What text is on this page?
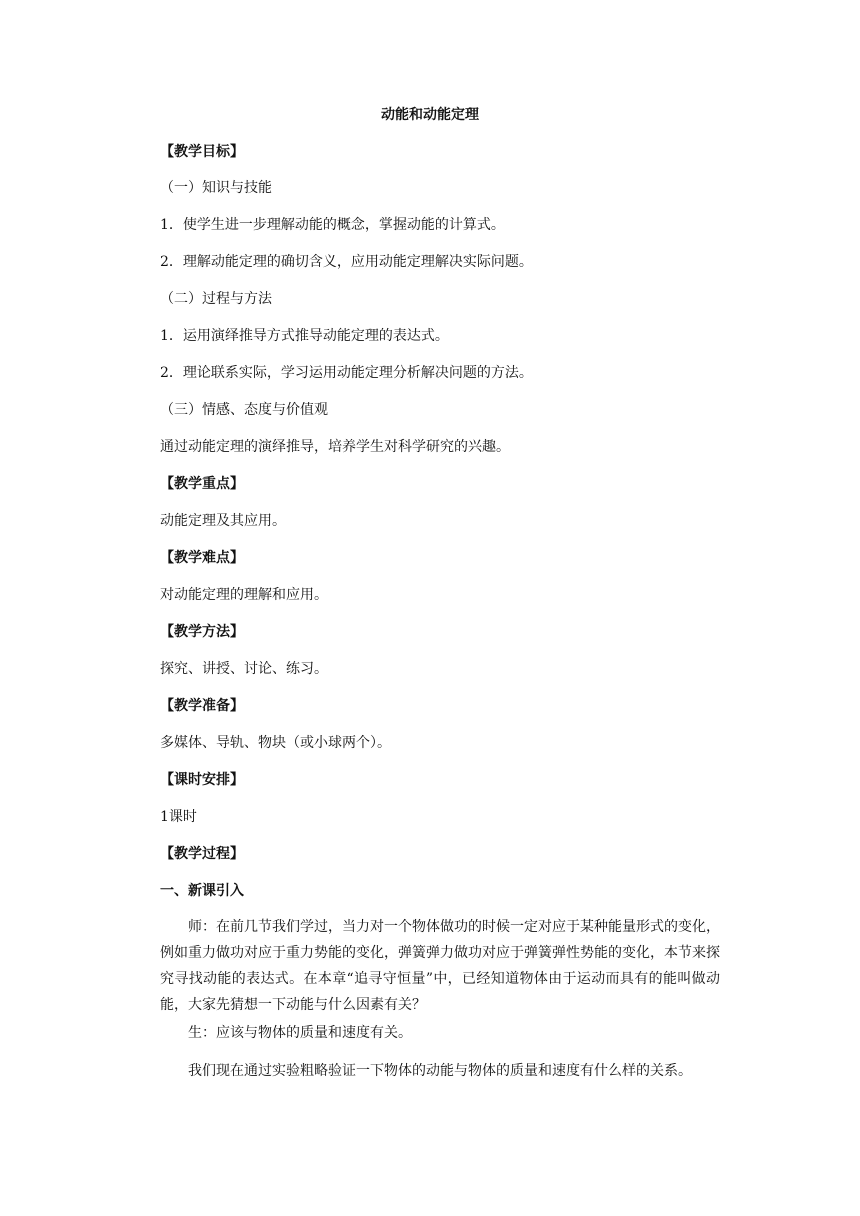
动能和动能定理
【教学目标】
（一）知识与技能
1．使学生进一步理解动能的概念，掌握动能的计算式。
2．理解动能定理的确切含义，应用动能定理解决实际问题。
（二）过程与方法
1．运用演绎推导方式推导动能定理的表达式。
2．理论联系实际，学习运用动能定理分析解决问题的方法。
（三）情感、态度与价值观
通过动能定理的演绎推导，培养学生对科学研究的兴趣。
【教学重点】
动能定理及其应用。
【教学难点】
对动能定理的理解和应用。
【教学方法】
探究、讲授、讨论、练习。
【教学准备】
多媒体、导轨、物块（或小球两个）。
【课时安排】
1课时
【教学过程】
一、新课引入
师：在前几节我们学过，当力对一个物体做功的时候一定对应于某种能量形式的变化，例如重力做功对应于重力势能的变化，弹簧弹力做功对应于弹簧弹性势能的变化，本节来探究寻找动能的表达式。在本章“追寻守恒量”中，已经知道物体由于运动而具有的能叫做动能，大家先猜想一下动能与什么因素有关？
生：应该与物体的质量和速度有关。
我们现在通过实验粗略验证一下物体的动能与物体的质量和速度有什么样的关系。
